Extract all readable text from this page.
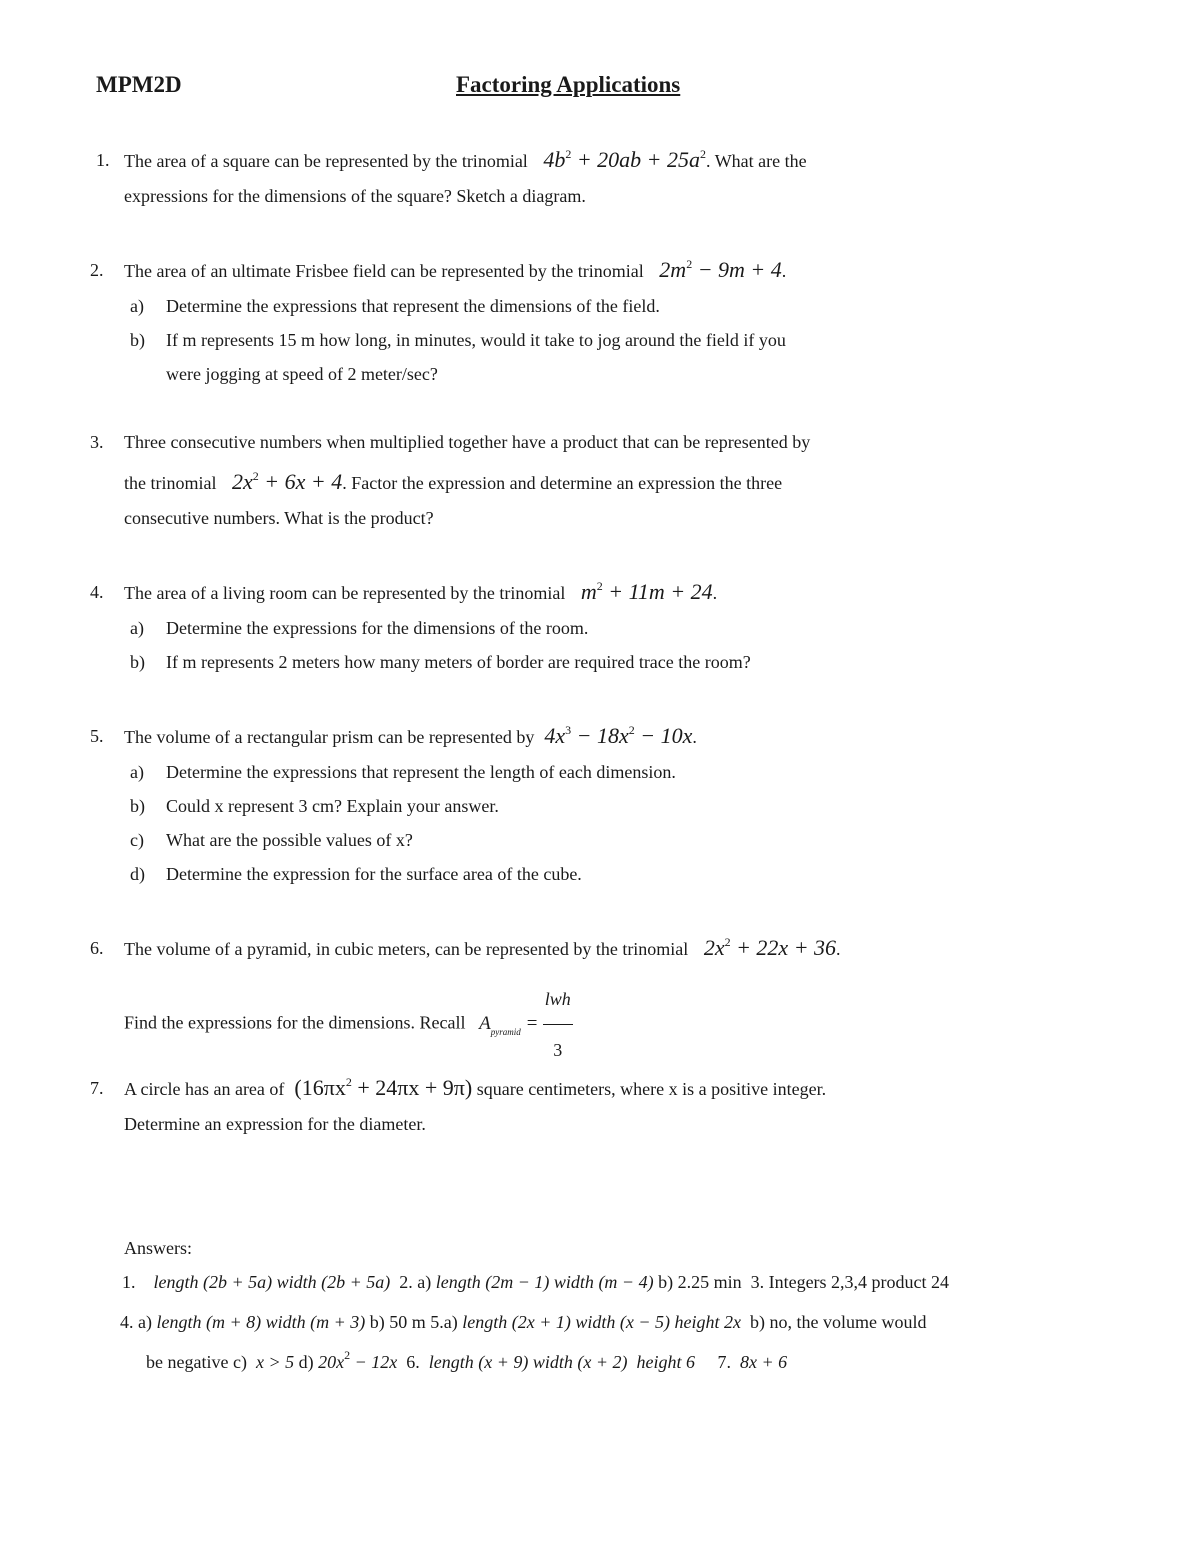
MPM2D	Factoring Applications
1. The area of a square can be represented by the trinomial   $4b^2 + 20ab + 25a^2$. What are the
expressions for the dimensions of the square? Sketch a diagram.
2. The area of an ultimate Frisbee field can be represented by the trinomial   $2m^2 - 9m + 4$.
a) Determine the expressions that represent the dimensions of the field.
b) If m represents 15 m how long, in minutes, would it take to jog around the field if you
were jogging at speed of 2 meter/sec?
3. Three consecutive numbers when multiplied together have a product that can be represented by
the trinomial   $2x^2 + 6x + 4$. Factor the expression and determine an expression the three
consecutive numbers. What is the product?
4. The area of a living room can be represented by the trinomial   $m^2 + 11m + 24$.
a) Determine the expressions for the dimensions of the room.
b) If m represents 2 meters how many meters of border are required trace the room?
5. The volume of a rectangular prism can be represented by  $4x^3 - 18x^2 - 10x$.
a) Determine the expressions that represent the length of each dimension.
b) Could x represent 3 cm? Explain your answer.
c) What are the possible values of x?
d) Determine the expression for the surface area of the cube.
6. The volume of a pyramid, in cubic meters, can be represented by the trinomial   $2x^2 + 22x + 36$.
Find the expressions for the dimensions. Recall   $A_{pyramid} = \frac{\text{lwh}}{3}$
7. A circle has an area of  $(16\pi x^2 + 24\pi x + 9\pi)$ square centimeters, where x is a positive integer.
Determine an expression for the diameter.
Answers:
1. length (2b + 5a) width (2b + 5a) 2. a) length (2m − 1) width (m − 4) b) 2.25 min 3. Integers 2,3,4 product 24
4. a) length (m + 8) width (m + 3) b) 50 m 5.a) length (2x + 1) width (x − 5) height 2x b) no, the volume would
be negative c) x > 5 d) $20x^2 - 12x$ 6. length (x + 9) width (x + 2) height 6 7. 8x + 6
